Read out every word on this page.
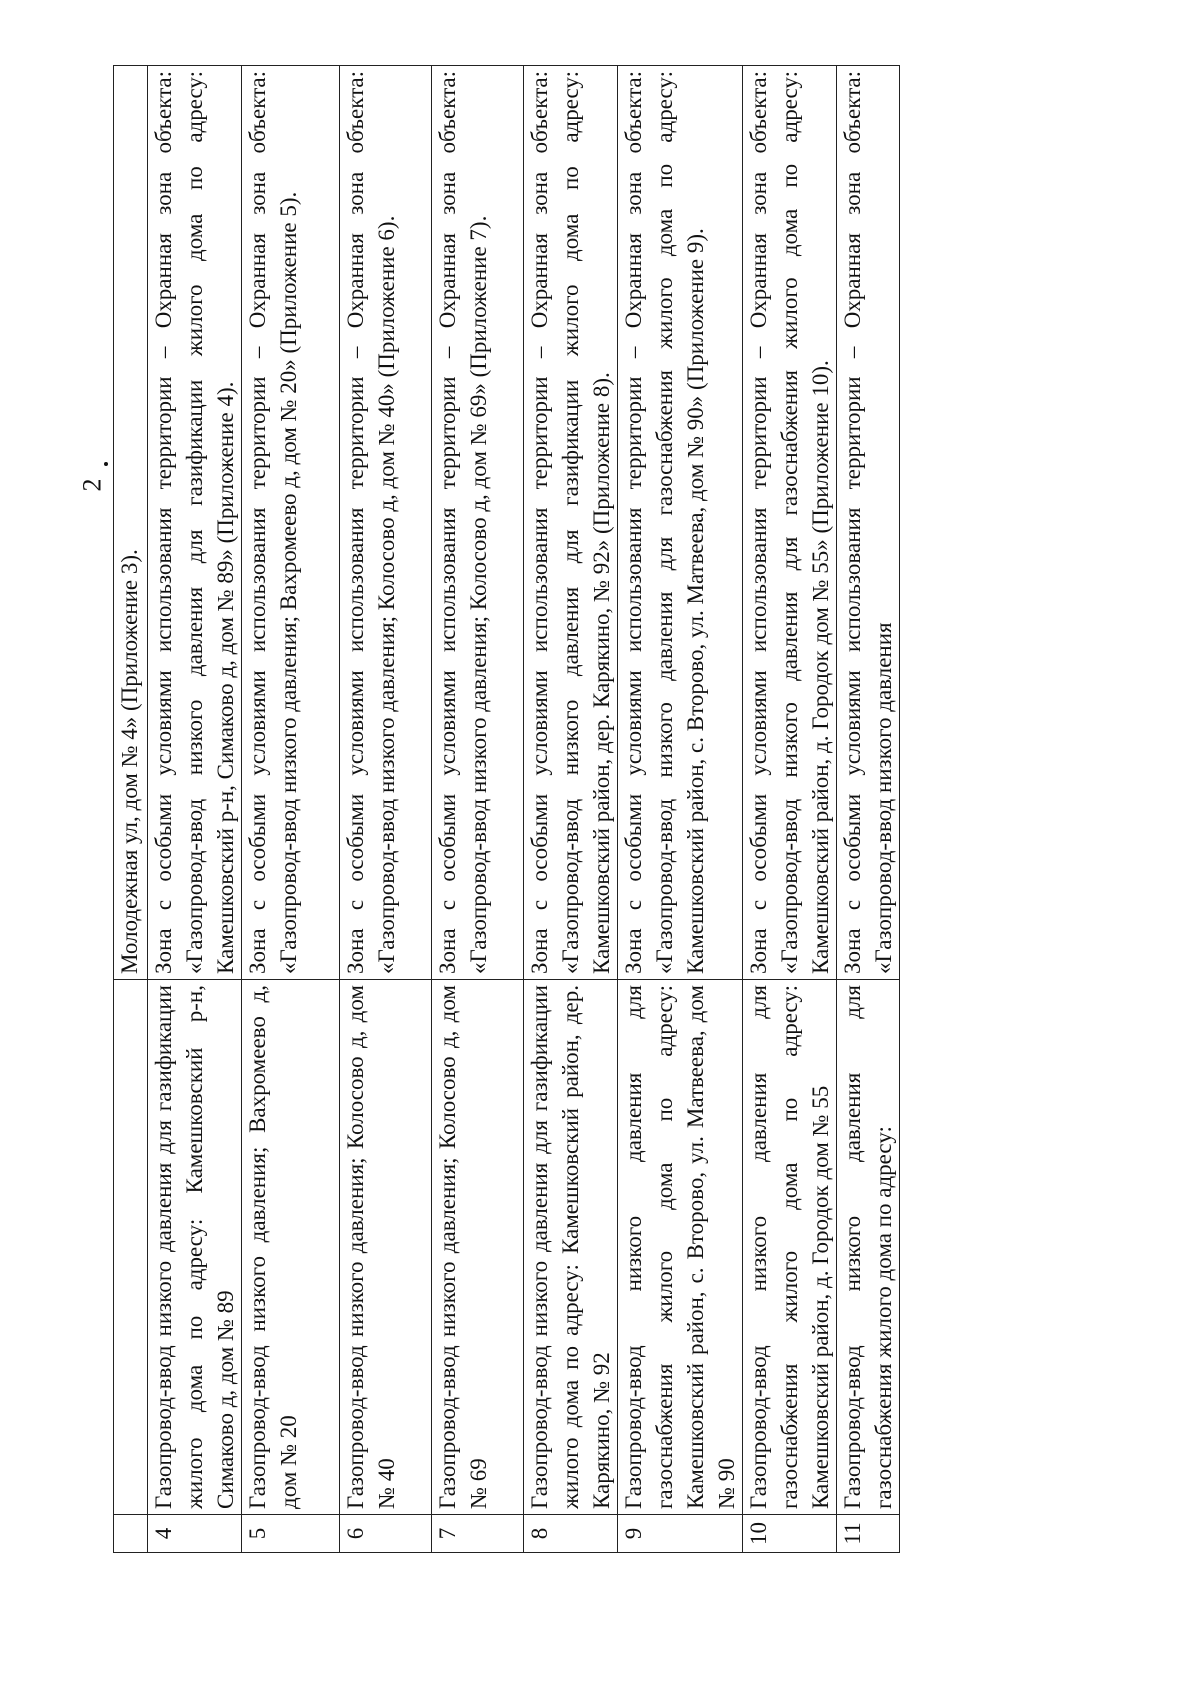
2
		Молодежная ул, дом № 4» (Приложение 3).
4	Газопровод-ввод низкого давления для газификации жилого дома по адресу: Камешковский р-н, Симаково д, дом № 89	Зона с особыми условиями использования территории – Охранная зона объекта: «Газопровод-ввод низкого давления для газификации жилого дома по адресу: Камешковский р-н, Симаково д, дом № 89» (Приложение 4).
5	Газопровод-ввод низкого давления; Вахромеево д, дом № 20	Зона с особыми условиями использования территории – Охранная зона объекта: «Газопровод-ввод низкого давления; Вахромеево д, дом № 20» (Приложение 5).
6	Газопровод-ввод низкого давления; Колосово д, дом № 40	Зона с особыми условиями использования территории – Охранная зона объекта: «Газопровод-ввод низкого давления; Колосово д, дом № 40» (Приложение 6).
7	Газопровод-ввод низкого давления; Колосово д, дом № 69	Зона с особыми условиями использования территории – Охранная зона объекта: «Газопровод-ввод низкого давления; Колосово д, дом № 69» (Приложение 7).
8	Газопровод-ввод низкого давления для газификации жилого дома по адресу: Камешковский район, дер. Карякино, № 92	Зона с особыми условиями использования территории – Охранная зона объекта: «Газопровод-ввод низкого давления для газификации жилого дома по адресу: Камешковский район, дер. Карякино, № 92» (Приложение 8).
9	Газопровод-ввод низкого давления для газоснабжения жилого дома по адресу: Камешковский район, с. Второво, ул. Матвеева, дом № 90	Зона с особыми условиями использования территории – Охранная зона объекта: «Газопровод-ввод низкого давления для газоснабжения жилого дома по адресу: Камешковский район, с. Второво, ул. Матвеева, дом № 90» (Приложение 9).
10	Газопровод-ввод низкого давления для газоснабжения жилого дома по адресу: Камешковский район, д. Городок дом № 55	Зона с особыми условиями использования территории – Охранная зона объекта: «Газопровод-ввод низкого давления для газоснабжения жилого дома по адресу: Камешковский район, д. Городок дом № 55» (Приложение 10).
11	Газопровод-ввод низкого давления для газоснабжения жилого дома по адресу:	Зона с особыми условиями использования территории – Охранная зона объекта: «Газопровод-ввод низкого давления
